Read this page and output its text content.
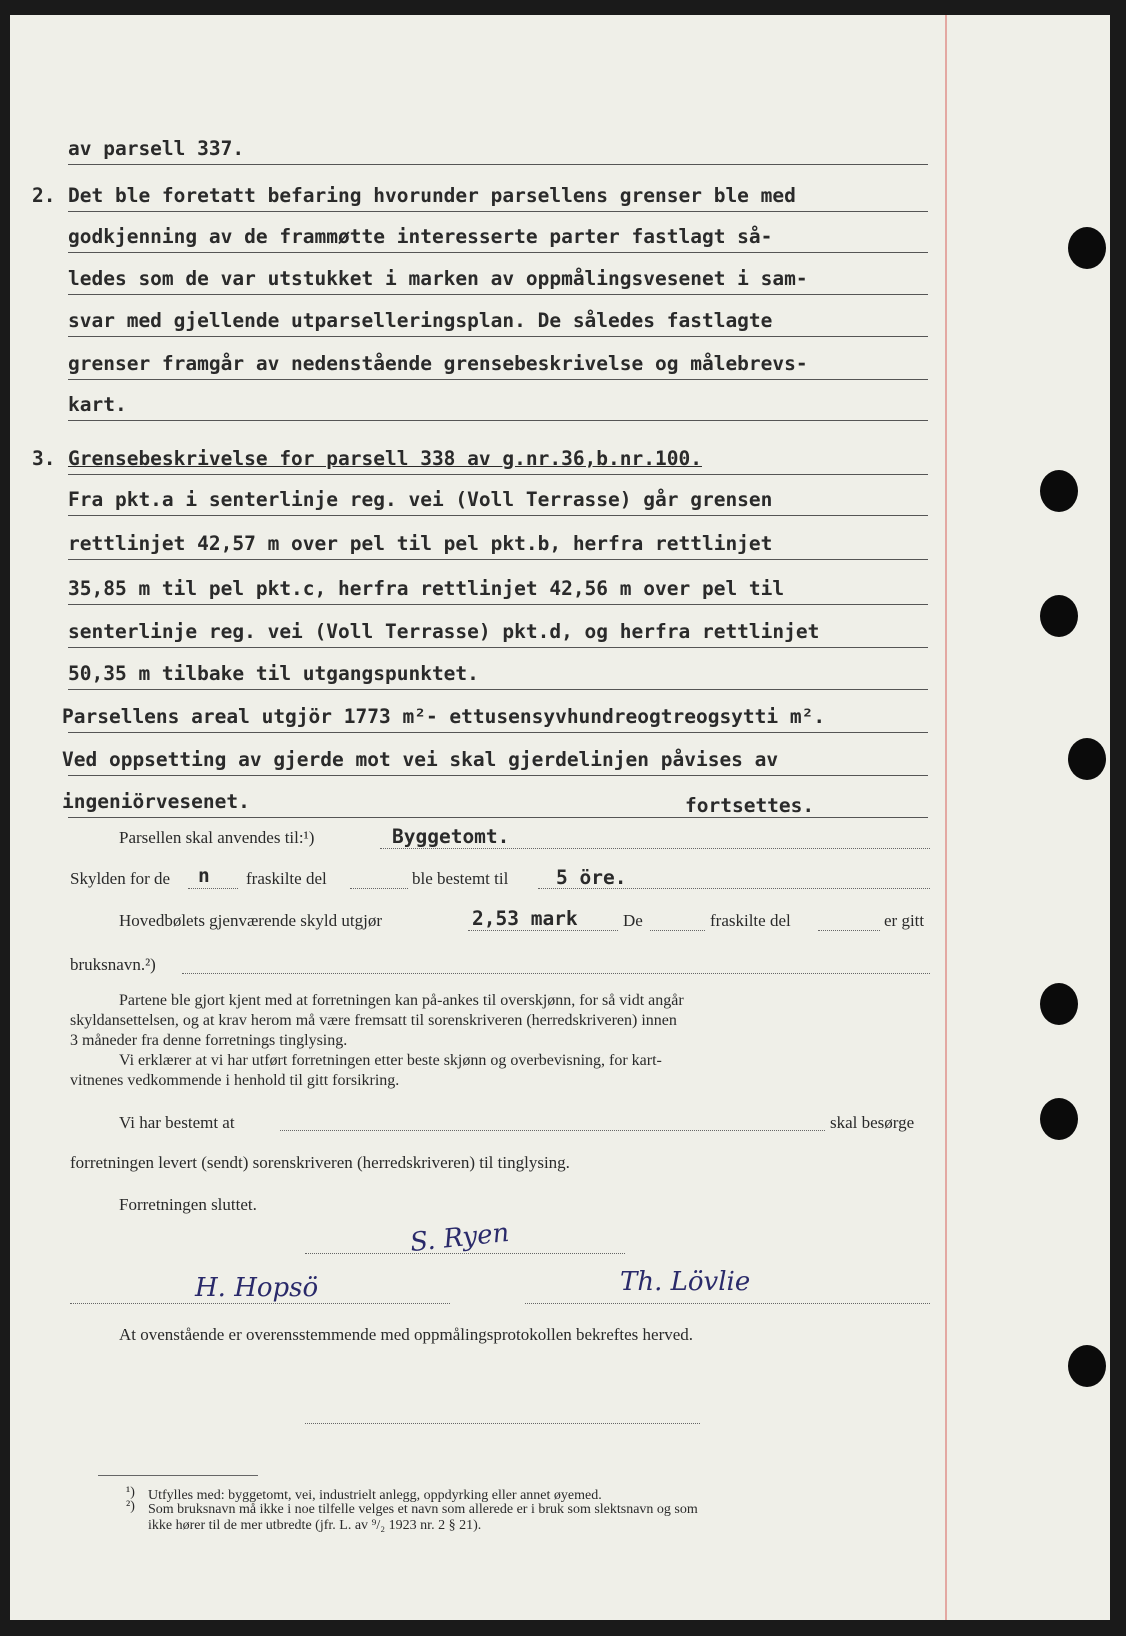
av parsell 337.
2. Det ble foretatt befaring hvorunder parsellens grenser ble med
godkjenning av de frammøtte interesserte parter fastlagt så-
ledes som de var utstukket i marken av oppmålingsvesenet i sam-
svar med gjellende utparselleringsplan. De således fastlagte
grenser framgår av nedenstående grensebeskrivelse og målebrevs-
kart.
3. Grensebeskrivelse for parsell 338 av g.nr.36,b.nr.100.
Fra pkt.a i senterlinje reg. vei (Voll Terrasse) går grensen
rettlinjet 42,57 m over pel til pel pkt.b, herfra rettlinjet
35,85 m til pel pkt.c, herfra rettlinjet 42,56 m over pel til
senterlinje reg. vei (Voll Terrasse) pkt.d, og herfra rettlinjet
50,35 m tilbake til utgangspunktet.
Parsellens areal utgjör 1773 m²- ettusensyvhundreogtreogsytti m².
Ved oppsetting av gjerde mot vei skal gjerdelinjen påvises av
ingeniörvesenet.	fortsettes.
Parsellen skal anvendes til:¹)	Byggetomt.
Skylden for de n fraskilte del	ble bestemt til 5 öre.
Hovedbølets gjenværende skyld utgjør	2,53 mark	De	fraskilte del	er gitt
bruksnavn.²)
Partene ble gjort kjent med at forretningen kan på-ankes til overskjønn, for så vidt angår
skyldansettelsen, og at krav herom må være fremsatt til sorenskriveren (herredskriveren) innen
3 måneder fra denne forretnings tinglysing.
Vi erklærer at vi har utført forretningen etter beste skjønn og overbevisning, for kart-
vitnenes vedkommende i henhold til gitt forsikring.
Vi har bestemt at	skal besørge
forretningen levert (sendt) sorenskriveren (herredskriveren) til tinglysing.
Forretningen sluttet.
S. Ryen
H. Hopsö	Th. Lövlie
At ovenstående er overensstemmende med oppmålingsprotokollen bekreftes herved.
¹) Utfylles med: byggetomt, vei, industrielt anlegg, oppdyrking eller annet øyemed.
²) Som bruksnavn må ikke i noe tilfelle velges et navn som allerede er i bruk som slektsnavn og som
ikke hører til de mer utbredte (jfr. L. av ⁹/₂ 1923 nr. 2 § 21).
